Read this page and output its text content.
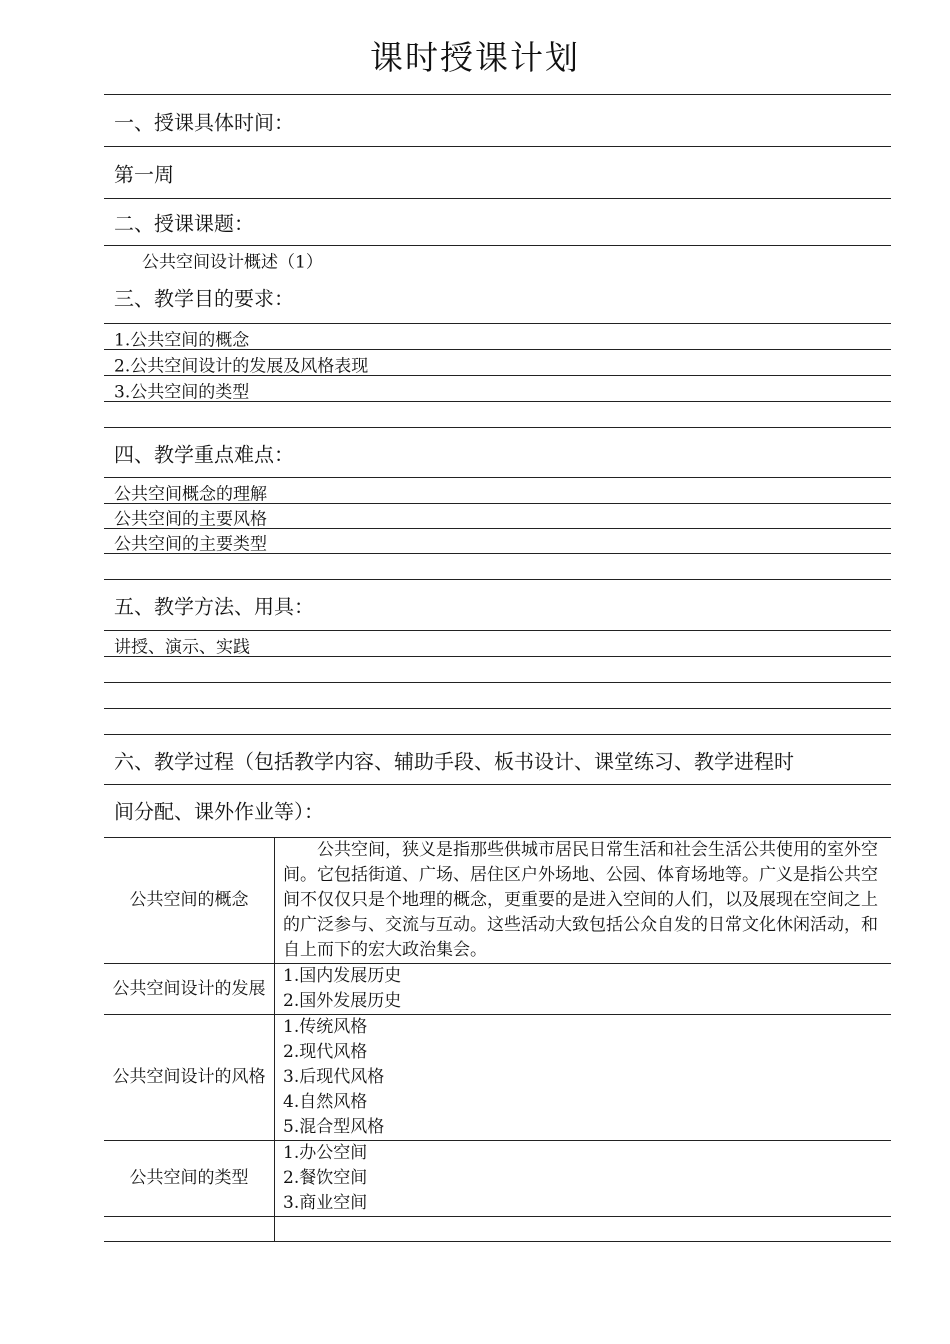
课时授课计划
一、授课具体时间：
第一周
二、授课课题：
公共空间设计概述（1）
三、教学目的要求：
1.公共空间的概念
2.公共空间设计的发展及风格表现
3.公共空间的类型
四、教学重点难点：
公共空间概念的理解
公共空间的主要风格
公共空间的主要类型
五、教学方法、用具：
讲授、演示、实践
六、教学过程（包括教学内容、辅助手段、板书设计、课堂练习、教学进程时
间分配、课外作业等）：
公共空间的概念	公共空间，狭义是指那些供城市居民日常生活和社会生活公共使用的室外空间。它包括街道、广场、居住区户外场地、公园、体育场地等。广义是指公共空间不仅仅只是个地理的概念，更重要的是进入空间的人们，以及展现在空间之上的广泛参与、交流与互动。这些活动大致包括公众自发的日常文化休闲活动，和自上而下的宏大政治集会。

公共空间设计的发展	1.国内发展历史
2.国外发展历史

公共空间设计的风格	1.传统风格
2.现代风格
3.后现代风格
4.自然风格
5.混合型风格

公共空间的类型	1.办公空间
2.餐饮空间
3.商业空间
